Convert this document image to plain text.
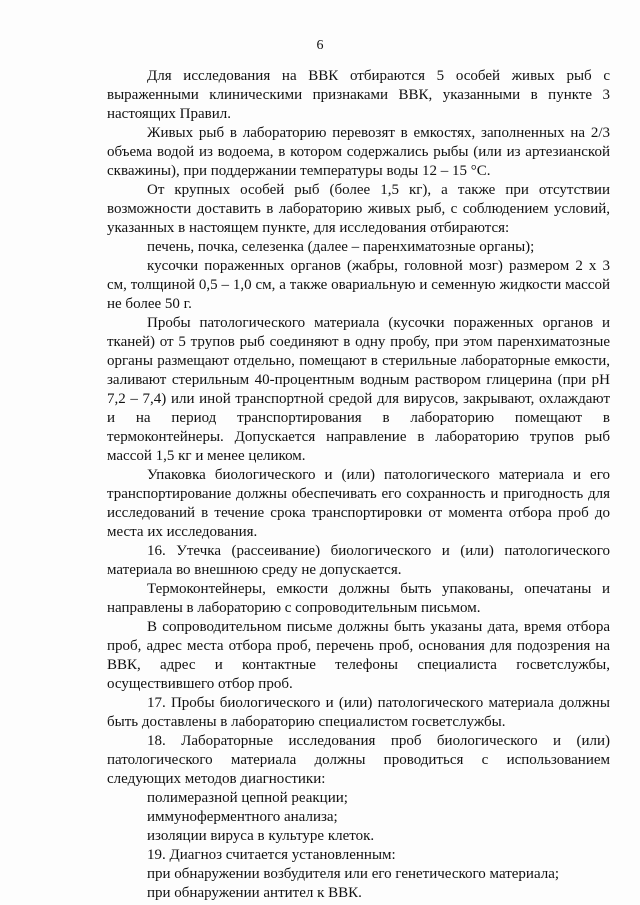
6

Для исследования на ВВК отбираются 5 особей живых рыб с выраженными клиническими признаками ВВК, указанными в пункте 3 настоящих Правил.

Живых рыб в лабораторию перевозят в емкостях, заполненных на 2/3 объема водой из водоема, в котором содержались рыбы (или из артезианской скважины), при поддержании температуры воды 12 – 15 °С.

От крупных особей рыб (более 1,5 кг), а также при отсутствии возможности доставить в лабораторию живых рыб, с соблюдением условий, указанных в настоящем пункте, для исследования отбираются:

печень, почка, селезенка (далее – паренхиматозные органы);

кусочки пораженных органов (жабры, головной мозг) размером 2 х 3 см, толщиной 0,5 – 1,0 см, а также овариальную и семенную жидкости массой не более 50 г.

Пробы патологического материала (кусочки пораженных органов и тканей) от 5 трупов рыб соединяют в одну пробу, при этом паренхиматозные органы размещают отдельно, помещают в стерильные лабораторные емкости, заливают стерильным 40-процентным водным раствором глицерина (при рН 7,2 – 7,4) или иной транспортной средой для вирусов, закрывают, охлаждают и на период транспортирования в лабораторию помещают в термоконтейнеры. Допускается направление в лабораторию трупов рыб массой 1,5 кг и менее целиком.

Упаковка биологического и (или) патологического материала и его транспортирование должны обеспечивать его сохранность и пригодность для исследований в течение срока транспортировки от момента отбора проб до места их исследования.

16. Утечка (рассеивание) биологического и (или) патологического материала во внешнюю среду не допускается.

Термоконтейнеры, емкости должны быть упакованы, опечатаны и направлены в лабораторию с сопроводительным письмом.

В сопроводительном письме должны быть указаны дата, время отбора проб, адрес места отбора проб, перечень проб, основания для подозрения на ВВК, адрес и контактные телефоны специалиста госветслужбы, осуществившего отбор проб.

17. Пробы биологического и (или) патологического материала должны быть доставлены в лабораторию специалистом госветслужбы.

18. Лабораторные исследования проб биологического и (или) патологического материала должны проводиться с использованием следующих методов диагностики:

полимеразной цепной реакции;

иммуноферментного анализа;

изоляции вируса в культуре клеток.

19. Диагноз считается установленным:

при обнаружении возбудителя или его генетического материала;

при обнаружении антител к ВВК.
